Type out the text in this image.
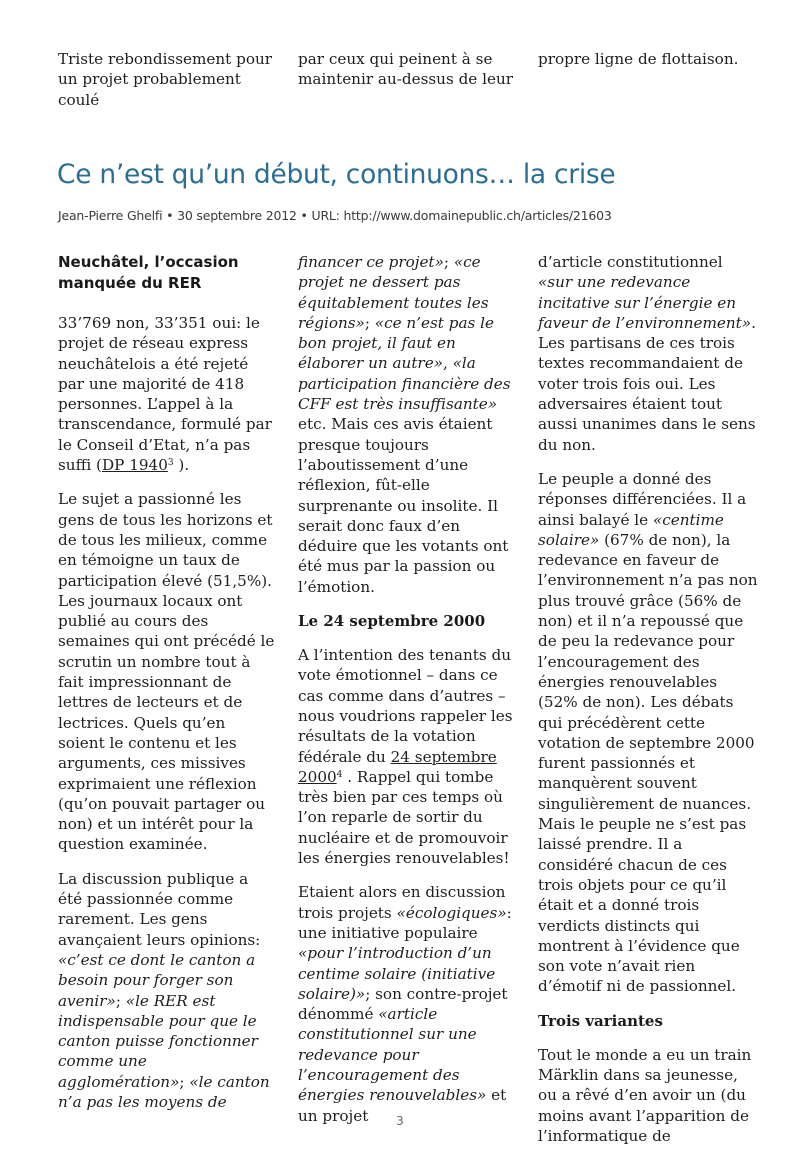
Triste rebondissement pour un projet probablement coulé
par ceux qui peinent à se maintenir au-dessus de leur
propre ligne de flottaison.
Ce n’est qu’un début, continuons… la crise
Jean-Pierre Ghelfi • 30 septembre 2012 • URL: http://www.domainepublic.ch/articles/21603
Neuchâtel, l’occasion manquée du RER

33’769 non, 33’351 oui: le projet de réseau express neuchâtelois a été rejeté par une majorité de 418 personnes. L’appel à la transcendance, formulé par le Conseil d’Etat, n’a pas suffi (DP 1940$^3$ ).

Le sujet a passionné les gens de tous les horizons et de tous les milieux, comme en témoigne un taux de participation élevé (51,5%). Les journaux locaux ont publié au cours des semaines qui ont précédé le scrutin un nombre tout à fait impressionnant de lettres de lecteurs et de lectrices. Quels qu’en soient le contenu et les arguments, ces missives exprimaient une réflexion (qu’on pouvait partager ou non) et un intérêt pour la question examinée.

La discussion publique a été passionnée comme rarement. Les gens avançaient leurs opinions: «c’est ce dont le canton a besoin pour forger son avenir»; «le RER est indispensable pour que le canton puisse fonctionner comme une agglomération»; «le canton n’a pas les moyens de

financer ce projet»; «ce projet ne dessert pas équitablement toutes les régions»; «ce n’est pas le bon projet, il faut en élaborer un autre», «la participation financière des CFF est très insuffisante» etc. Mais ces avis étaient presque toujours l’aboutissement d’une réflexion, fût-elle surprenante ou insolite. Il serait donc faux d’en déduire que les votants ont été mus par la passion ou l’émotion.

Le 24 septembre 2000

A l’intention des tenants du vote émotionnel – dans ce cas comme dans d’autres – nous voudrions rappeler les résultats de la votation fédérale du 24 septembre 2000$^4$ . Rappel qui tombe très bien par ces temps où l’on reparle de sortir du nucléaire et de promouvoir les énergies renouvelables!

Etaient alors en discussion trois projets «écologiques»: une initiative populaire «pour l’introduction d’un centime solaire (initiative solaire)»; son contre-projet dénommé «article constitutionnel sur une redevance pour l’encouragement des énergies renouvelables» et un projet

d’article constitutionnel «sur une redevance incitative sur l’énergie en faveur de l’environnement». Les partisans de ces trois textes recommandaient de voter trois fois oui. Les adversaires étaient tout aussi unanimes dans le sens du non.

Le peuple a donné des réponses différenciées. Il a ainsi balayé le «centime solaire» (67% de non), la redevance en faveur de l’environnement n’a pas non plus trouvé grâce (56% de non) et il n’a repoussé que de peu la redevance pour l’encouragement des énergies renouvelables (52% de non). Les débats qui précédèrent cette votation de septembre 2000 furent passionnés et manquèrent souvent singulièrement de nuances. Mais le peuple ne s’est pas laissé prendre. Il a considéré chacun de ces trois objets pour ce qu’il était et a donné trois verdicts distincts qui montrent à l’évidence que son vote n’avait rien d’émotif ni de passionnel.

Trois variantes

Tout le monde a eu un train Märklin dans sa jeunesse, ou a rêvé d’en avoir un (du moins avant l’apparition de l’informatique de

3
